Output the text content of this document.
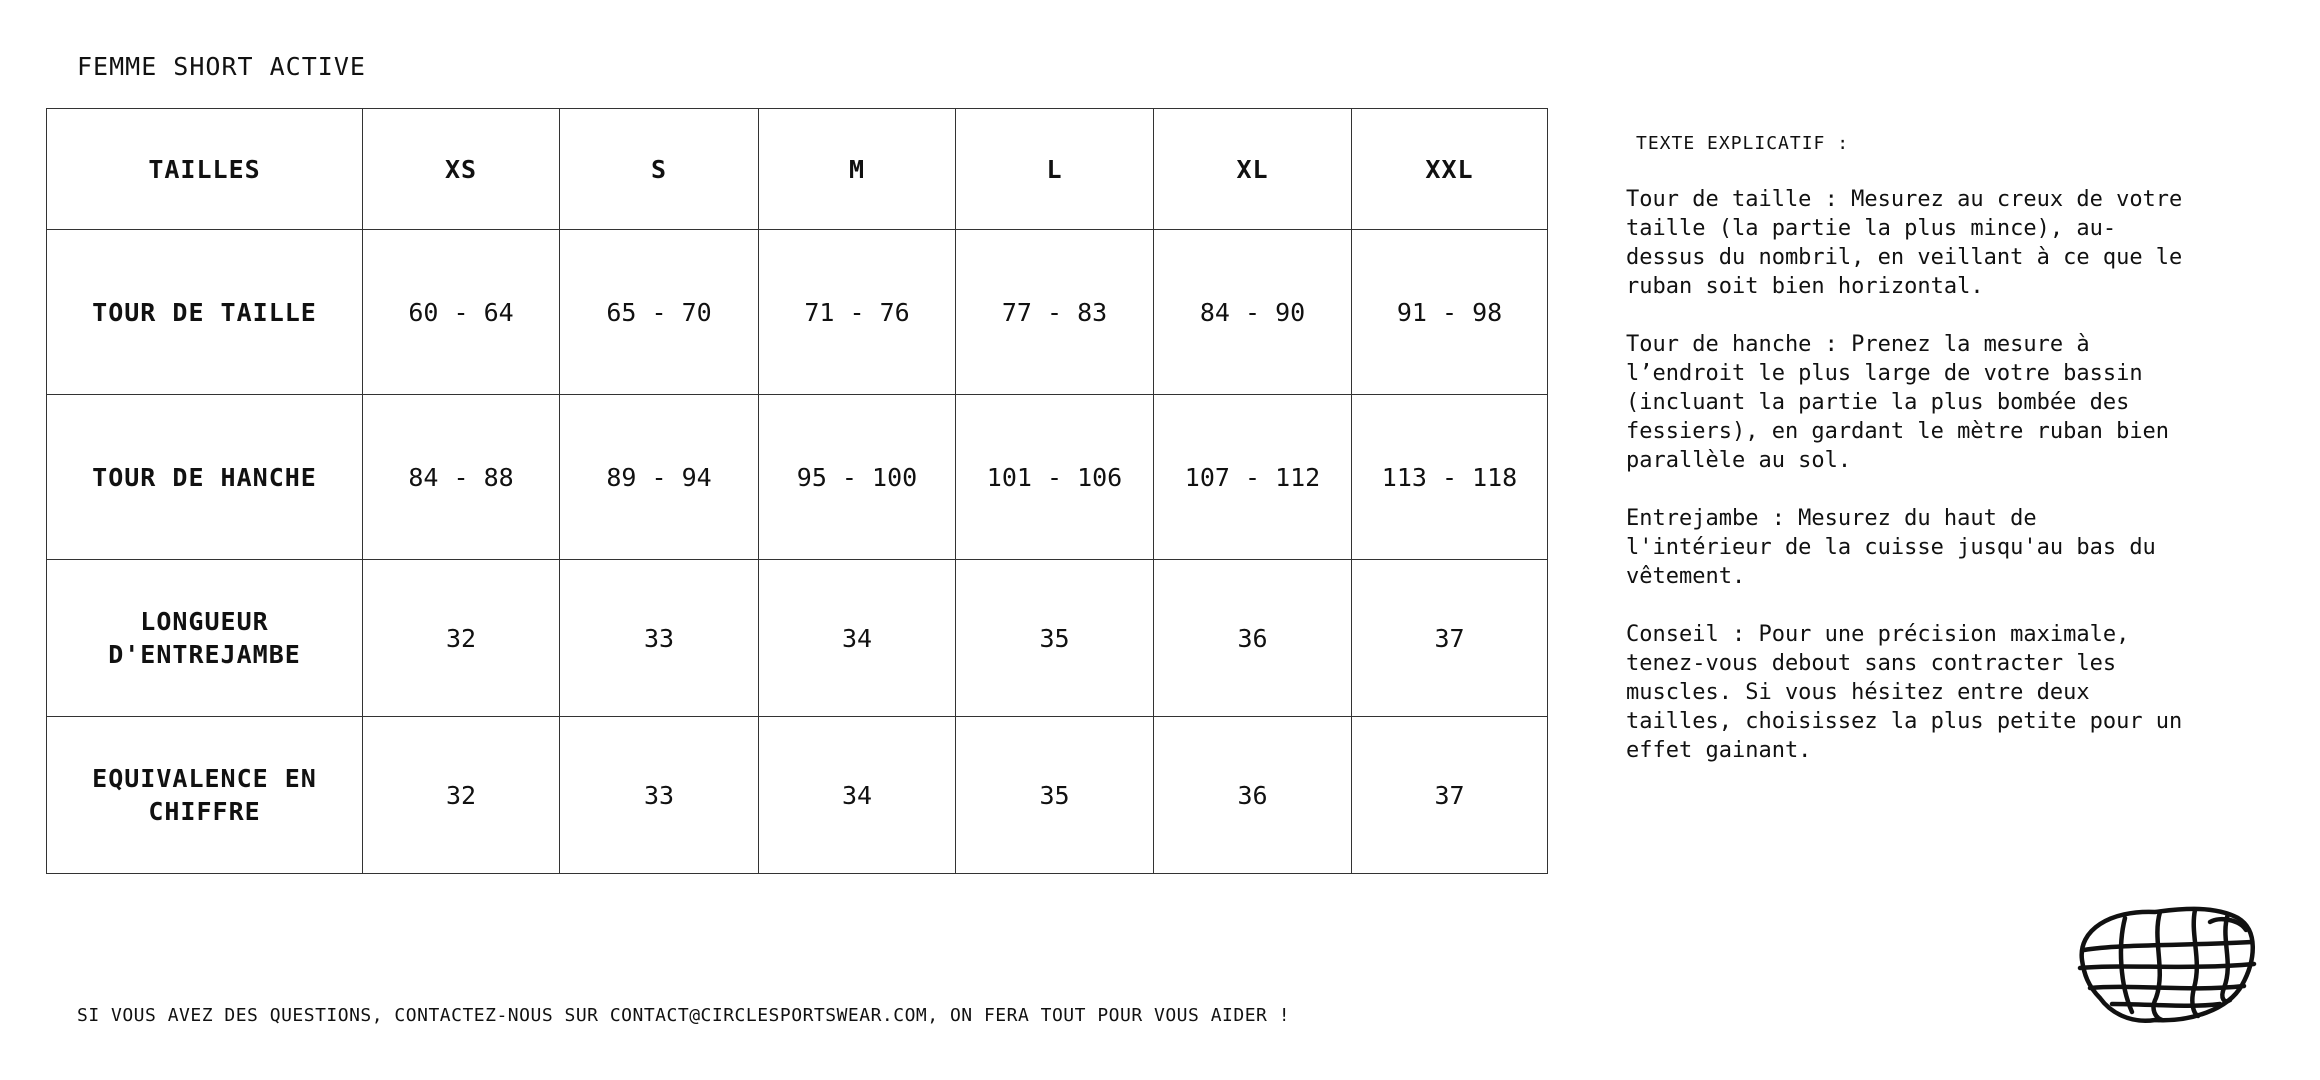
FEMME SHORT ACTIVE
TAILLES	XS	S	M	L	XL	XXL
TOUR DE TAILLE	60 - 64	65 - 70	71 - 76	77 - 83	84 - 90	91 - 98
TOUR DE HANCHE	84 - 88	89 - 94	95 - 100	101 - 106	107 - 112	113 - 118
LONGUEUR
D'ENTREJAMBE	32	33	34	35	36	37
EQUIVALENCE EN
CHIFFRE	32	33	34	35	36	37
TEXTE EXPLICATIF :

Tour de taille : Mesurez au creux de votre taille (la partie la plus mince), au-dessus du nombril, en veillant à ce que le ruban soit bien horizontal.

Tour de hanche : Prenez la mesure à l’endroit le plus large de votre bassin (incluant la partie la plus bombée des fessiers), en gardant le mètre ruban bien parallèle au sol.

Entrejambe : Mesurez du haut de l'intérieur de la cuisse jusqu'au bas du vêtement.

Conseil : Pour une précision maximale, tenez-vous debout sans contracter les muscles. Si vous hésitez entre deux tailles, choisissez la plus petite pour un effet gainant.

SI VOUS AVEZ DES QUESTIONS, CONTACTEZ-NOUS SUR CONTACT@CIRCLESPORTSWEAR.COM, ON FERA TOUT POUR VOUS AIDER !
